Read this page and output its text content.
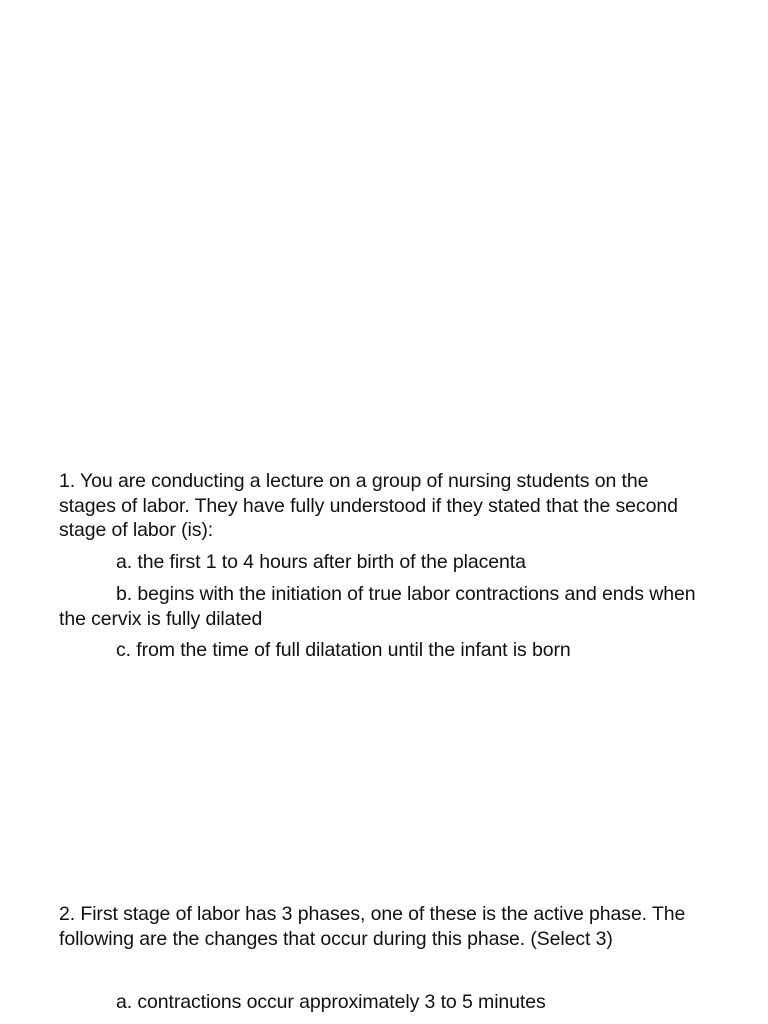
1. You are conducting a lecture on a group of nursing students on the stages of labor. They have fully understood if they stated that the second stage of labor (is):

a. the first 1 to 4 hours after birth of the placenta

b. begins with the initiation of true labor contractions and ends when the cervix is fully dilated

c. from the time of full dilatation until the infant is born

2. First stage of labor has 3 phases, one of these is the active phase. The following are the changes that occur during this phase. (Select 3)

a. contractions occur approximately 3 to 5 minutes
